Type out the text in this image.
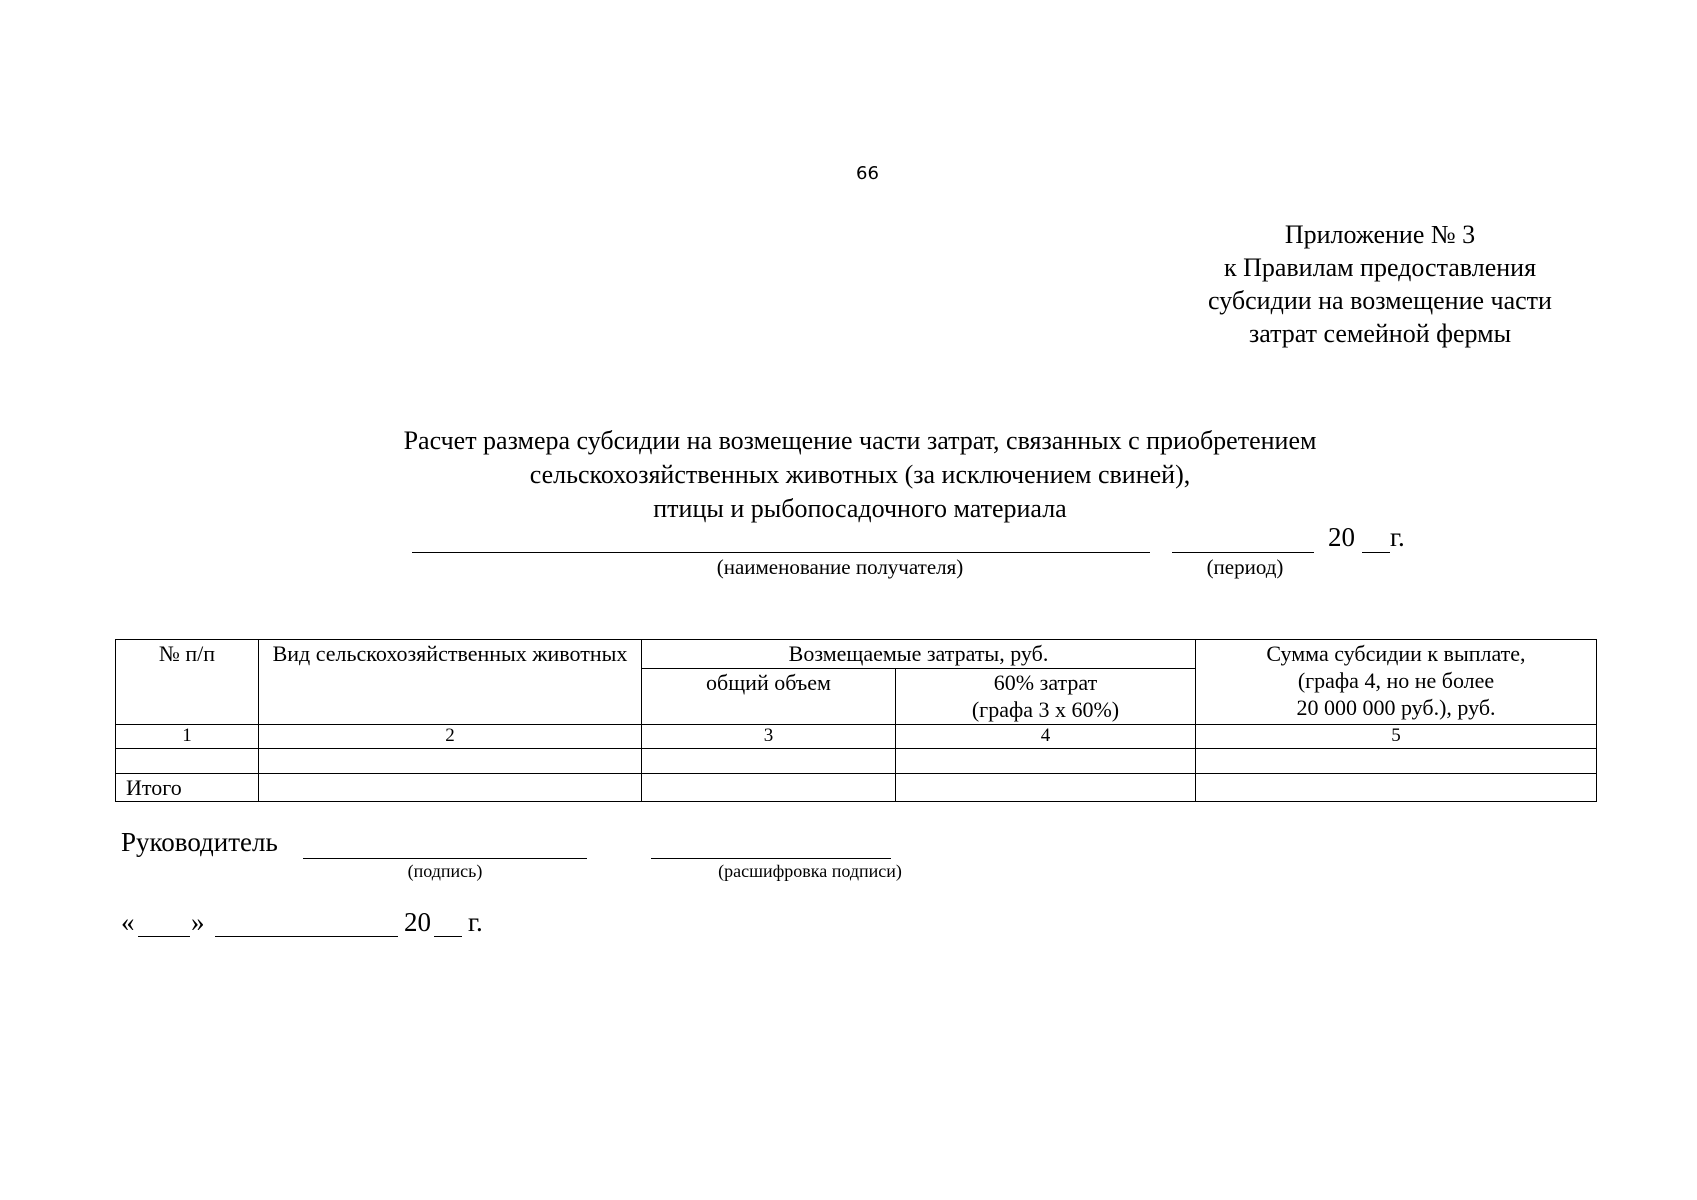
66
Приложение № 3
к Правилам предоставления
субсидии на возмещение части
затрат семейной фермы
Расчет размера субсидии на возмещение части затрат, связанных с приобретением
сельскохозяйственных животных (за исключением свиней),
птицы и рыбопосадочного материала
20 г.
(наименование получателя)	(период)
№ п/п	Вид сельскохозяйственных животных	Возмещаемые затраты, руб.		Сумма субсидии к выплате,
(графа 4, но не более
20 000 000 руб.), руб.

		общий объем	60% затрат
(графа 3 х 60%)	

1	2	3	4	5

Итого				
Руководитель
(подпись)	(расшифровка подписи)
« »	20 г.
